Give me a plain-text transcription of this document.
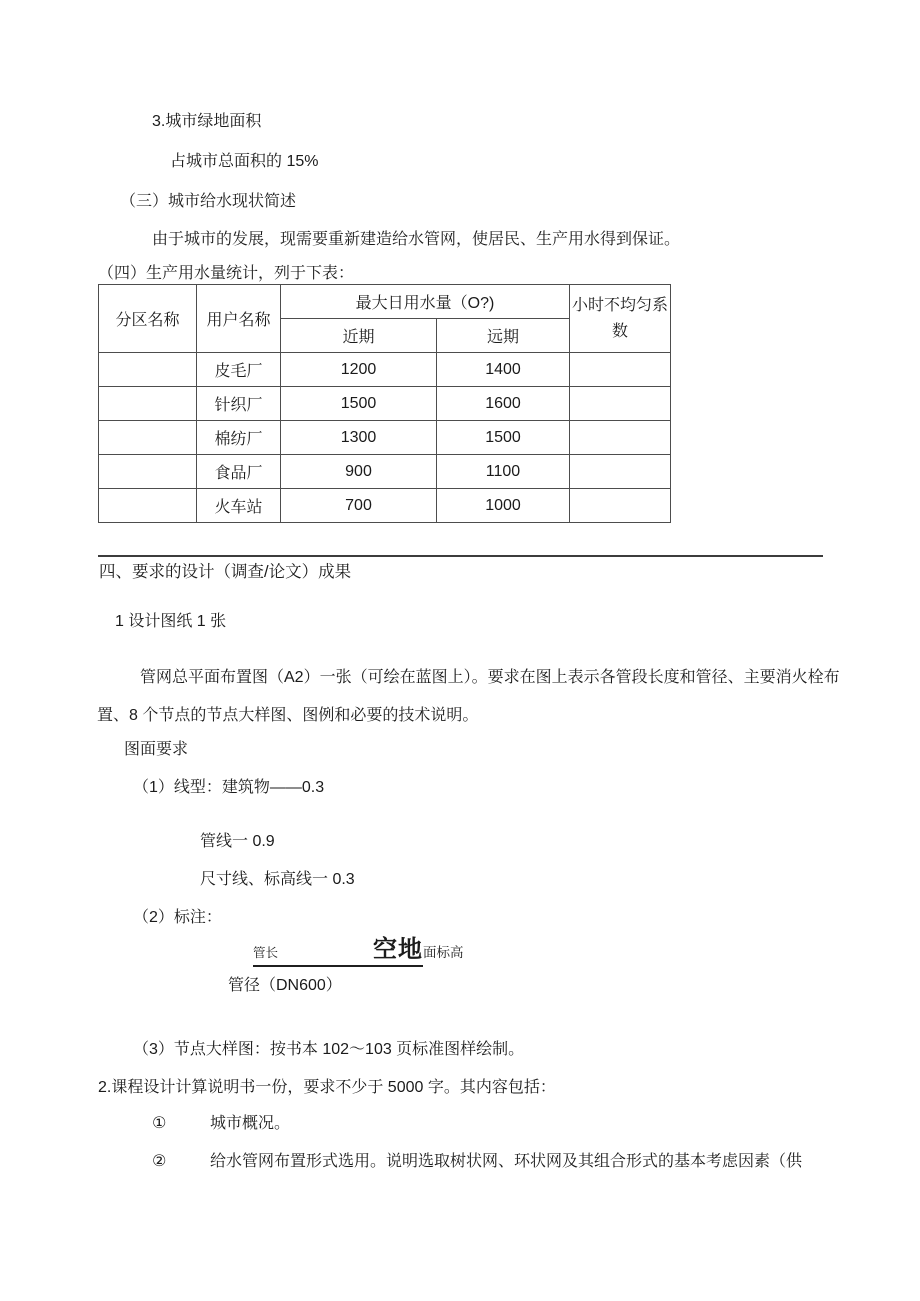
3.城市绿地面积
占城市总面积的 15%
（三）城市给水现状简述
由于城市的发展，现需要重新建造给水管网，使居民、生产用水得到保证。
（四）生产用水量统计，列于下表：
分区名称	用户名称	最大日用水量（O?)		小时不均匀系数

		近期	远期	
	皮毛厂	1200	1400	
	针织厂	1500	1600	
	棉纺厂	1300	1500	
	食品厂	900	1100	
	火车站	700	1000	
四、要求的设计（调查/论文）成果
1 设计图纸 1 张
管网总平面布置图（A2）一张（可绘在蓝图上）。要求在图上表示各管段长度和管径、主要消火栓布
置、8 个节点的节点大样图、图例和必要的技术说明。
图面要求
（1）线型：建筑物——0.3
管线一 0.9
尺寸线、标高线一 0.3
（2）标注：
管长	空地 面标高
管径（DN600）
（3）节点大样图：按书本 102～103 页标准图样绘制。
2.课程设计计算说明书一份，要求不少于 5000 字。其内容包括：
①	城市概况。
②	给水管网布置形式选用。说明选取树状网、环状网及其组合形式的基本考虑因素（供
